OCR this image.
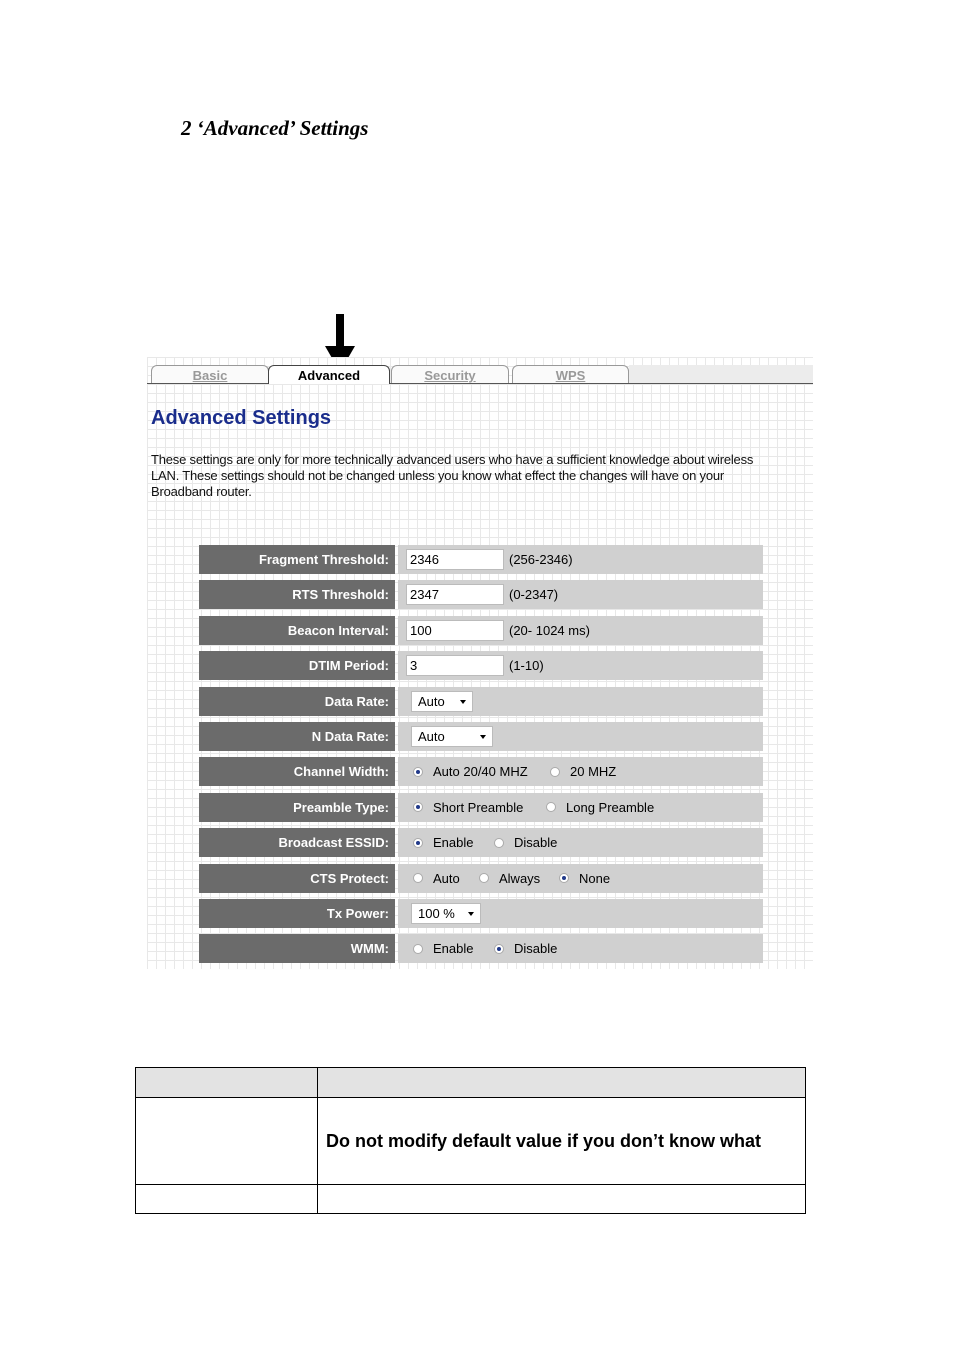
2 ‘Advanced’ Settings
Basic	Advanced	Security	WPS
Advanced Settings

These settings are only for more technically advanced users who have a sufficient knowledge about wireless LAN. These settings should not be changed unless you know what effect the changes will have on your Broadband router.

Fragment Threshold:	2346	(256-2346)
RTS Threshold:	2347	(0-2347)
Beacon Interval:	100	(20- 1024 ms)
DTIM Period:	3	(1-10)
Data Rate:	Auto
N Data Rate:	Auto
Channel Width:	Auto 20/40 MHZ	20 MHZ
Preamble Type:	Short Preamble	Long Preamble
Broadcast ESSID:	Enable	Disable
CTS Protect:	Auto	Always	None
Tx Power:	100 %
WMM:	Enable	Disable

	Do not modify default value if you don’t know what
